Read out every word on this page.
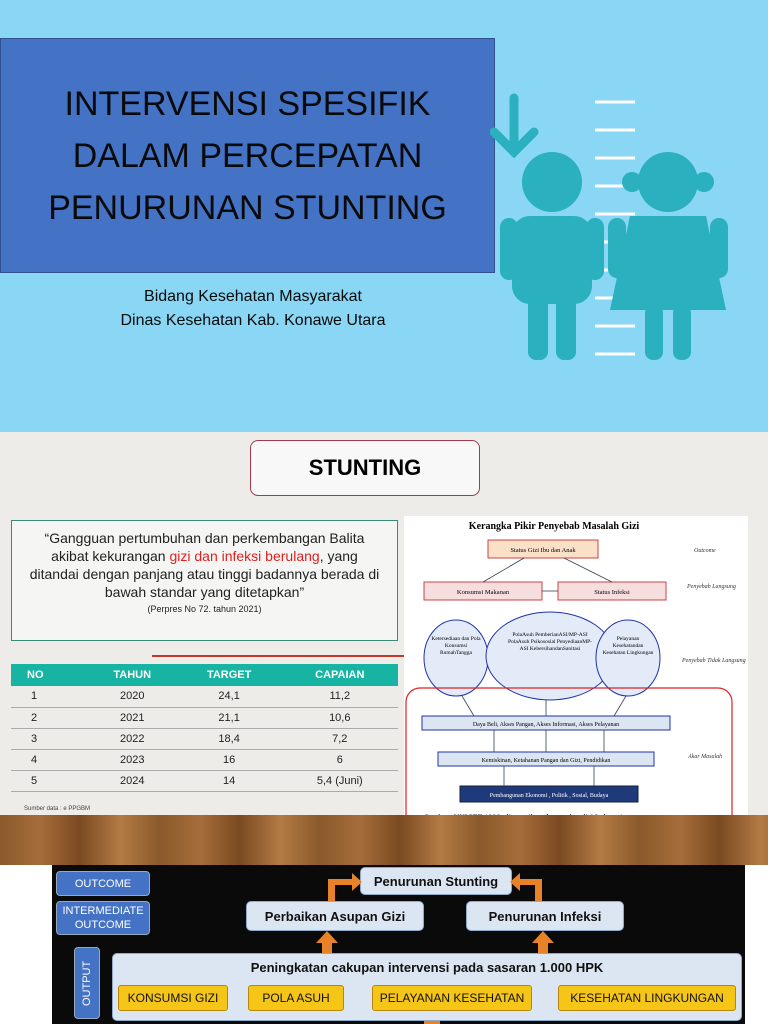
INTERVENSI SPESIFIK DALAM PERCEPATAN PENURUNAN STUNTING
Bidang Kesehatan Masyarakat
Dinas Kesehatan Kab. Konawe Utara
STUNTING
“Gangguan pertumbuhan dan perkembangan Balita akibat kekurangan gizi dan infeksi berulang, yang ditandai dengan panjang atau tinggi badannya berada di bawah standar yang ditetapkan”
(Perpres No 72. tahun 2021)
NO	TAHUN	TARGET	CAPAIAN
1	2020	24,1	11,2
2	2021	21,1	10,6
3	2022	18,4	7,2
4	2023	16	6
5	2024	14	5,4 (Juni)
Sumber data : e PPGBM
Kerangka Pikir Penyebab Masalah Gizi
Status Gizi Ibu dan Anak
Konsumsi Makanan	Status Infeksi
Ketersediaan dan Pola Konsumsi RumahTangga
PolaAsuh PemberianASI/MP-ASI PolaAsuh Psikososial PenyediaanMP-ASI KebersihandanSanitasi
Pelayanan Kesehatandan Kesehatan Lingkungan
Daya Beli, Akses Pangan, Akses Informasi, Akses Pelayanan
Kemiskinan, Ketahanan Pangan dan Gizi, Pendidikan
Pembangunan Ekonomi , Politik , Sosial, Budaya
Outcome
Penyebab Langsung
Penyebab Tidak Langsung
Akar Masalah
OUTCOME
INTERMEDIATE OUTCOME
OUTPUT
Penurunan Stunting
Perbaikan Asupan Gizi	Penurunan Infeksi
Peningkatan cakupan intervensi pada sasaran 1.000 HPK
KONSUMSI GIZI	POLA ASUH	PELAYANAN KESEHATAN	KESEHATAN LINGKUNGAN
